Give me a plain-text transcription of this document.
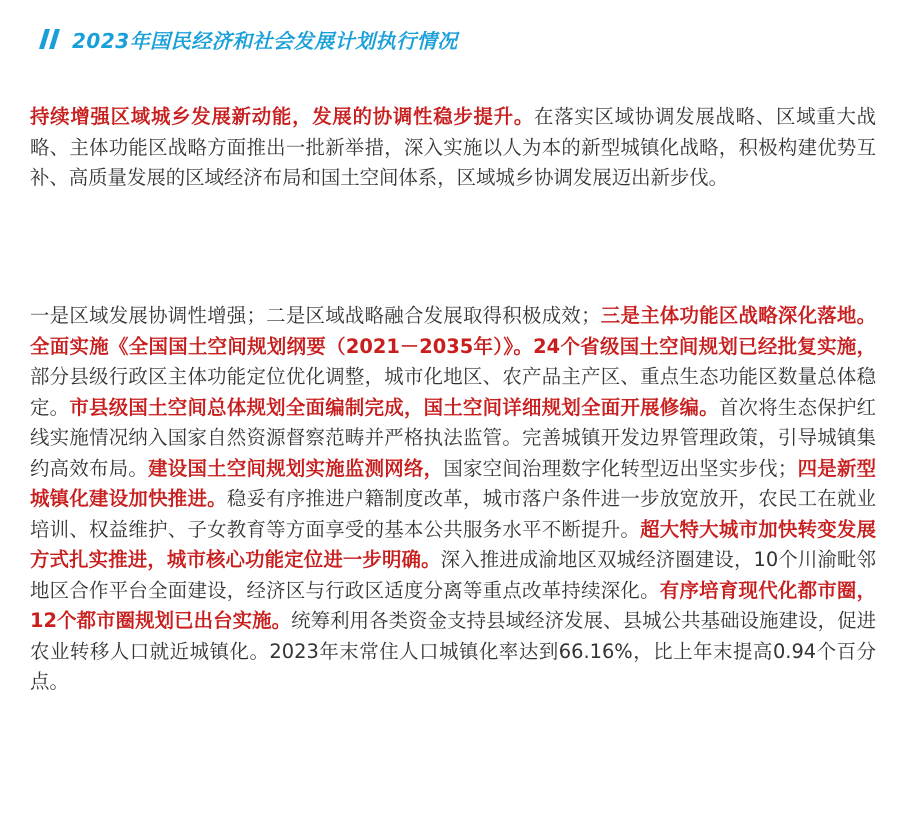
2023年国民经济和社会发展计划执行情况

持续增强区域城乡发展新动能，发展的协调性稳步提升。在落实区域协调发展战略、区域重大战略、主体功能区战略方面推出一批新举措，深入实施以人为本的新型城镇化战略，积极构建优势互补、高质量发展的区域经济布局和国土空间体系，区域城乡协调发展迈出新步伐。

一是区域发展协调性增强；二是区域战略融合发展取得积极成效；三是主体功能区战略深化落地。全面实施《全国国土空间规划纲要（2021－2035年）》。24个省级国土空间规划已经批复实施，部分县级行政区主体功能定位优化调整，城市化地区、农产品主产区、重点生态功能区数量总体稳定。市县级国土空间总体规划全面编制完成，国土空间详细规划全面开展修编。首次将生态保护红线实施情况纳入国家自然资源督察范畴并严格执法监管。完善城镇开发边界管理政策，引导城镇集约高效布局。建设国土空间规划实施监测网络，国家空间治理数字化转型迈出坚实步伐；四是新型城镇化建设加快推进。稳妥有序推进户籍制度改革，城市落户条件进一步放宽放开，农民工在就业培训、权益维护、子女教育等方面享受的基本公共服务水平不断提升。超大特大城市加快转变发展方式扎实推进，城市核心功能定位进一步明确。深入推进成渝地区双城经济圈建设，10个川渝毗邻地区合作平台全面建设，经济区与行政区适度分离等重点改革持续深化。有序培育现代化都市圈，12个都市圈规划已出台实施。统筹利用各类资金支持县域经济发展、县城公共基础设施建设，促进农业转移人口就近城镇化。2023年末常住人口城镇化率达到66.16%，比上年末提高0.94个百分点。
